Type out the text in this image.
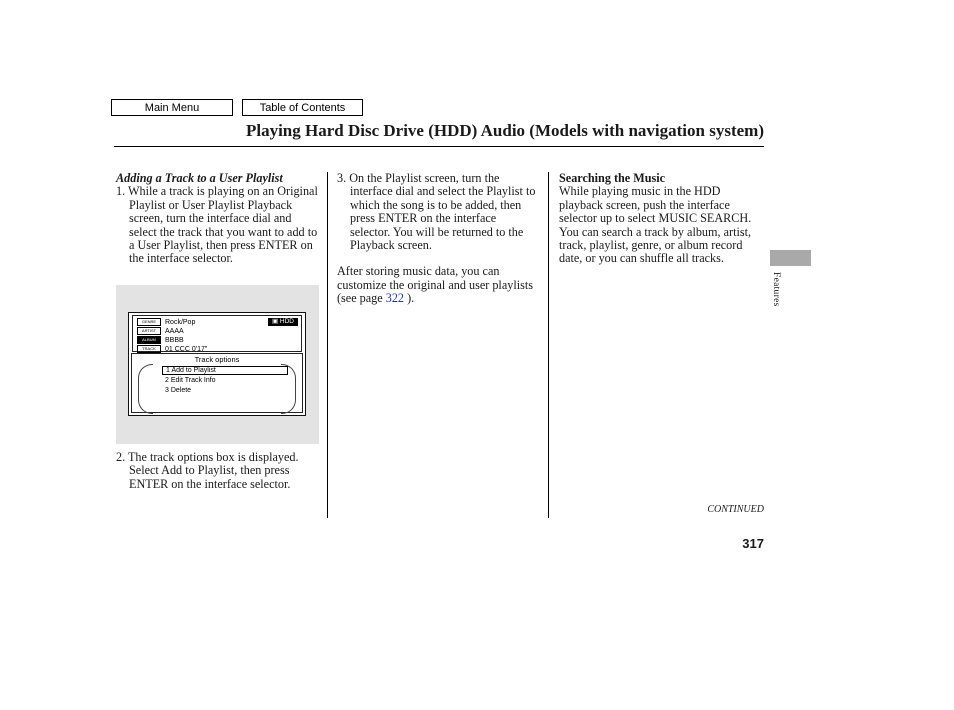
Main Menu	Table of Contents
Playing Hard Disc Drive (HDD) Audio (Models with navigation system)

Adding a Track to a User Playlist

1. While a track is playing on an Original Playlist or User Playlist Playback screen, turn the interface dial and select the track that you want to add to a User Playlist, then press ENTER on the interface selector.

GENRE	Rock/Pop
ARTIST	AAAA
ALBUM	BBBB
TRACK	01 CCC 0'17"
▣ HDD
Track options
1 Add to Playlist
2 Edit Track Info
3 Delete

2. The track options box is displayed. Select Add to Playlist, then press ENTER on the interface selector.

3. On the Playlist screen, turn the interface dial and select the Playlist to which the song is to be added, then press ENTER on the interface selector. You will be returned to the Playback screen.

After storing music data, you can customize the original and user playlists (see page 322 ).

Searching the Music

While playing music in the HDD playback screen, push the interface selector up to select MUSIC SEARCH. You can search a track by album, artist, track, playlist, genre, or album record date, or you can shuffle all tracks.

Features
CONTINUED
317
